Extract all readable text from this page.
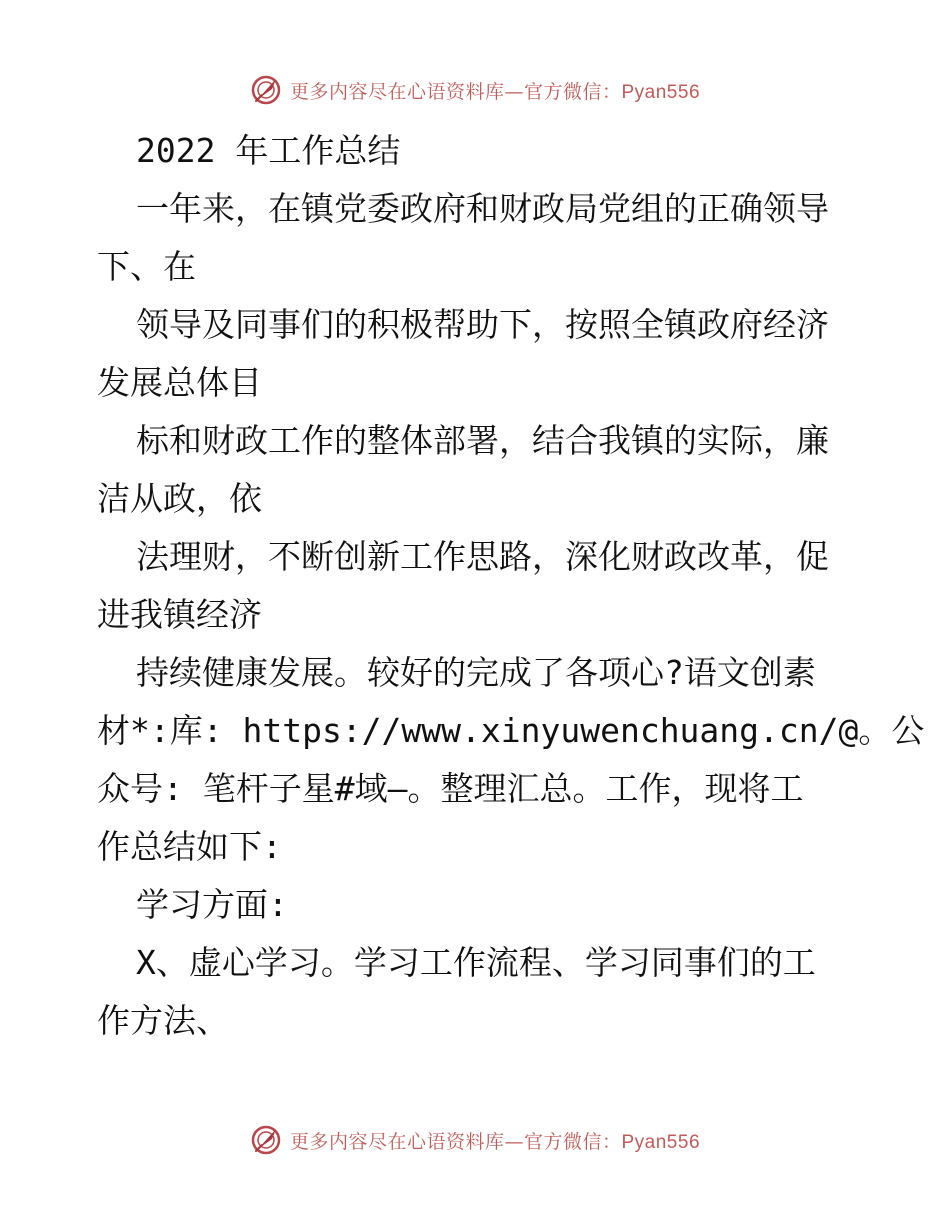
更多内容尽在心语资料库—官方微信：Pyan556
2022 年工作总结
一年来，在镇党委政府和财政局党组的正确领导
下、在
领导及同事们的积极帮助下，按照全镇政府经济
发展总体目
标和财政工作的整体部署，结合我镇的实际，廉
洁从政，依
法理财，不断创新工作思路，深化财政改革，促
进我镇经济
持续健康发展。较好的完成了各项心?语文创素
材*:库: https://www.xinyuwenchuang.cn/@。公
众号: 笔杆子星#域—。整理汇总。工作，现将工
作总结如下:
学习方面:
X、虚心学习。学习工作流程、学习同事们的工
作方法、
更多内容尽在心语资料库—官方微信：Pyan556
